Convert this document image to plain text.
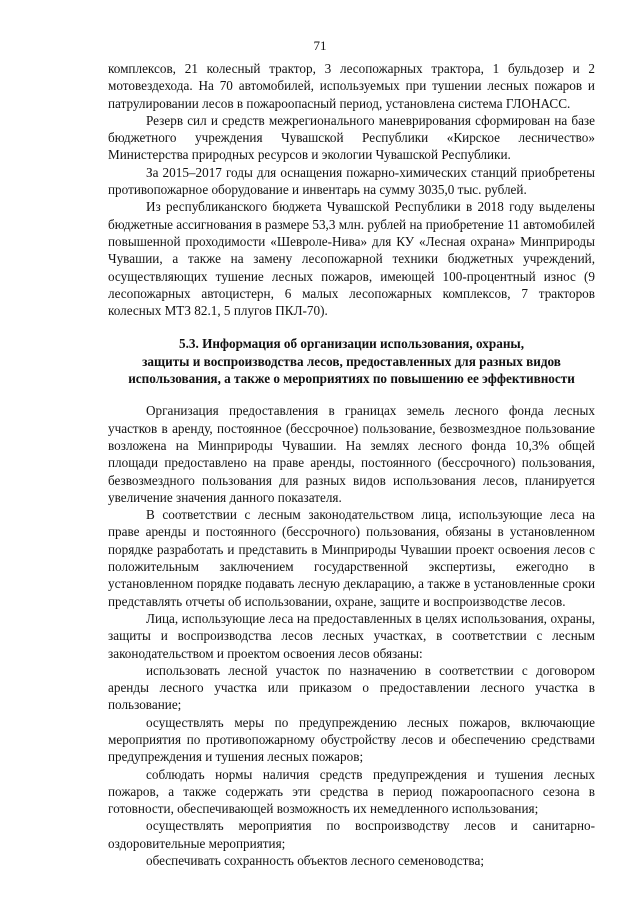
71

комплексов, 21 колесный трактор, 3 лесопожарных трактора, 1 бульдозер и 2 мотовездехода. На 70 автомобилей, используемых при тушении лесных пожаров и патрулировании лесов в пожароопасный период, установлена система ГЛОНАСС.

Резерв сил и средств межрегионального маневрирования сформирован на базе бюджетного учреждения Чувашской Республики «Кирское лесничество» Министерства природных ресурсов и экологии Чувашской Республики.

За 2015–2017 годы для оснащения пожарно-химических станций приобретены противопожарное оборудование и инвентарь на сумму 3035,0 тыс. рублей.

Из республиканского бюджета Чувашской Республики в 2018 году выделены бюджетные ассигнования в размере 53,3 млн. рублей на приобретение 11 автомобилей повышенной проходимости «Шевроле-Нива» для КУ «Лесная охрана» Минприроды Чувашии, а также на замену лесопожарной техники бюджетных учреждений, осуществляющих тушение лесных пожаров, имеющей 100-процентный износ (9 лесопожарных автоцистерн, 6 малых лесопожарных комплексов, 7 тракторов колесных МТЗ 82.1, 5 плугов ПКЛ-70).

5.3. Информация об организации использования, охраны,
защиты и воспроизводства лесов, предоставленных для разных видов
использования, а также о мероприятиях по повышению ее эффективности

Организация предоставления в границах земель лесного фонда лесных участков в аренду, постоянное (бессрочное) пользование, безвозмездное пользование возложена на Минприроды Чувашии. На землях лесного фонда 10,3% общей площади предоставлено на праве аренды, постоянного (бессрочного) пользования, безвозмездного пользования для разных видов использования лесов, планируется увеличение значения данного показателя.

В соответствии с лесным законодательством лица, использующие леса на праве аренды и постоянного (бессрочного) пользования, обязаны в установленном порядке разработать и представить в Минприроды Чувашии проект освоения лесов с положительным заключением государственной экспертизы, ежегодно в установленном порядке подавать лесную декларацию, а также в установленные сроки представлять отчеты об использовании, охране, защите и воспроизводстве лесов.

Лица, использующие леса на предоставленных в целях использования, охраны, защиты и воспроизводства лесов лесных участках, в соответствии с лесным законодательством и проектом освоения лесов обязаны:

использовать лесной участок по назначению в соответствии с договором аренды лесного участка или приказом о предоставлении лесного участка в пользование;

осуществлять меры по предупреждению лесных пожаров, включающие мероприятия по противопожарному обустройству лесов и обеспечению средствами предупреждения и тушения лесных пожаров;

соблюдать нормы наличия средств предупреждения и тушения лесных пожаров, а также содержать эти средства в период пожароопасного сезона в готовности, обеспечивающей возможность их немедленного использования;

осуществлять мероприятия по воспроизводству лесов и санитарно-оздоровительные мероприятия;

обеспечивать сохранность объектов лесного семеноводства;
